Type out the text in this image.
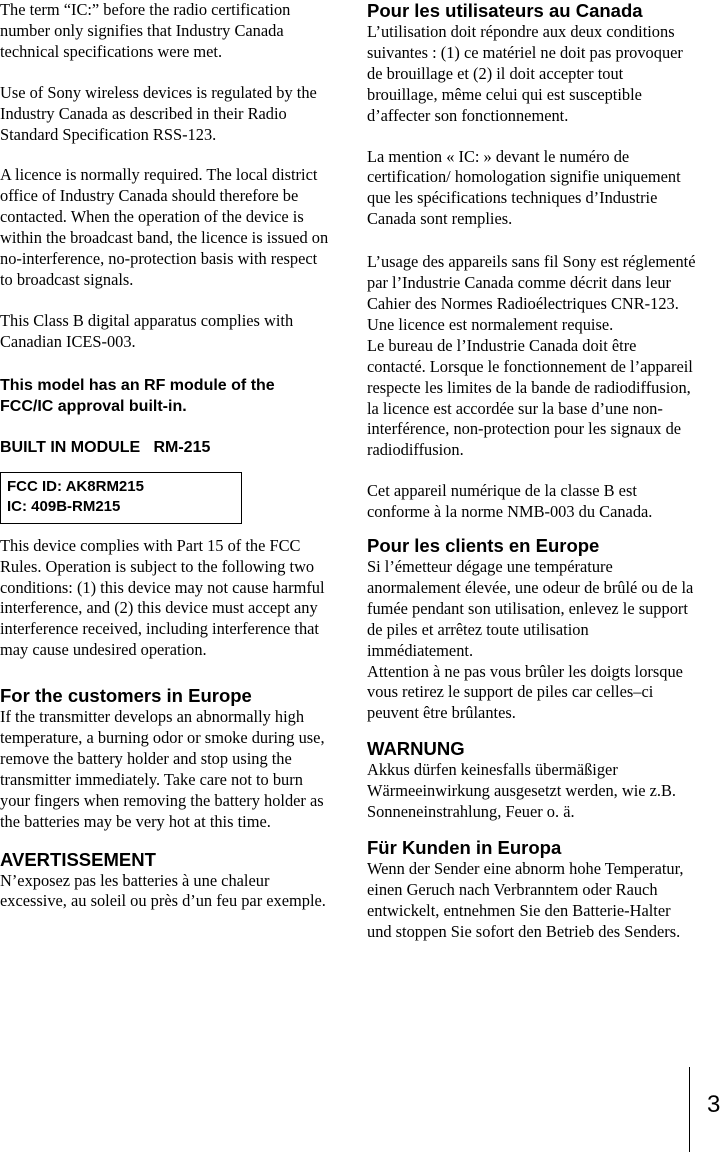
The term “IC:” before the radio certification number only signifies that Industry Canada technical specifications were met.

Use of Sony wireless devices is regulated by the Industry Canada as described in their Radio Standard Specification RSS-123.

A licence is normally required. The local district office of Industry Canada should therefore be contacted. When the operation of the device is within the broadcast band, the licence is issued on no-interference, no-protection basis with respect to broadcast signals.

This Class B digital apparatus complies with Canadian ICES-003.

This model has an RF module of the FCC/IC approval built-in.
BUILT IN MODULE   RM-215
FCC ID: AK8RM215
IC: 409B-RM215

This device complies with Part 15 of the FCC Rules. Operation is subject to the following two conditions: (1) this device may not cause harmful interference, and (2) this device must accept any interference received, including interference that may cause undesired operation.

For the customers in Europe

If the transmitter develops an abnormally high temperature, a burning odor or smoke during use, remove the battery holder and stop using the transmitter immediately. Take care not to burn your fingers when removing the battery holder as the batteries may be very hot at this time.

AVERTISSEMENT

N’exposez pas les batteries à une chaleur excessive, au soleil ou près d’un feu par exemple.

Pour les utilisateurs au Canada

L’utilisation doit répondre aux deux conditions suivantes : (1) ce matériel ne doit pas provoquer de brouillage et (2) il doit accepter tout brouillage, même celui qui est susceptible d’affecter son fonctionnement.

La mention « IC: » devant le numéro de certification/ homologation signifie uniquement que les spécifications techniques d’Industrie Canada sont remplies.

L’usage des appareils sans fil Sony est réglementé par l’Industrie Canada comme décrit dans leur Cahier des Normes Radioélectriques CNR-123.

Une licence est normalement requise.

Le bureau de l’Industrie Canada doit être contacté. Lorsque le fonctionnement de l’appareil respecte les limites de la bande de radiodiffusion, la licence est accordée sur la base d’une non-interférence, non-protection pour les signaux de radiodiffusion.

Cet appareil numérique de la classe B est conforme à la norme NMB-003 du Canada.

Pour les clients en Europe

Si l’émetteur dégage une température anormalement élevée, une odeur de brûlé ou de la fumée pendant son utilisation, enlevez le support de piles et arrêtez toute utilisation immédiatement.

Attention à ne pas vous brûler les doigts lorsque vous retirez le support de piles car celles–ci peuvent être brûlantes.

WARNUNG

Akkus dürfen keinesfalls übermäßiger Wärmeeinwirkung ausgesetzt werden, wie z.B. Sonneneinstrahlung, Feuer o. ä.

Für Kunden in Europa

Wenn der Sender eine abnorm hohe Temperatur, einen Geruch nach Verbranntem oder Rauch entwickelt, entnehmen Sie den Batterie-Halter und stoppen Sie sofort den Betrieb des Senders.

3
